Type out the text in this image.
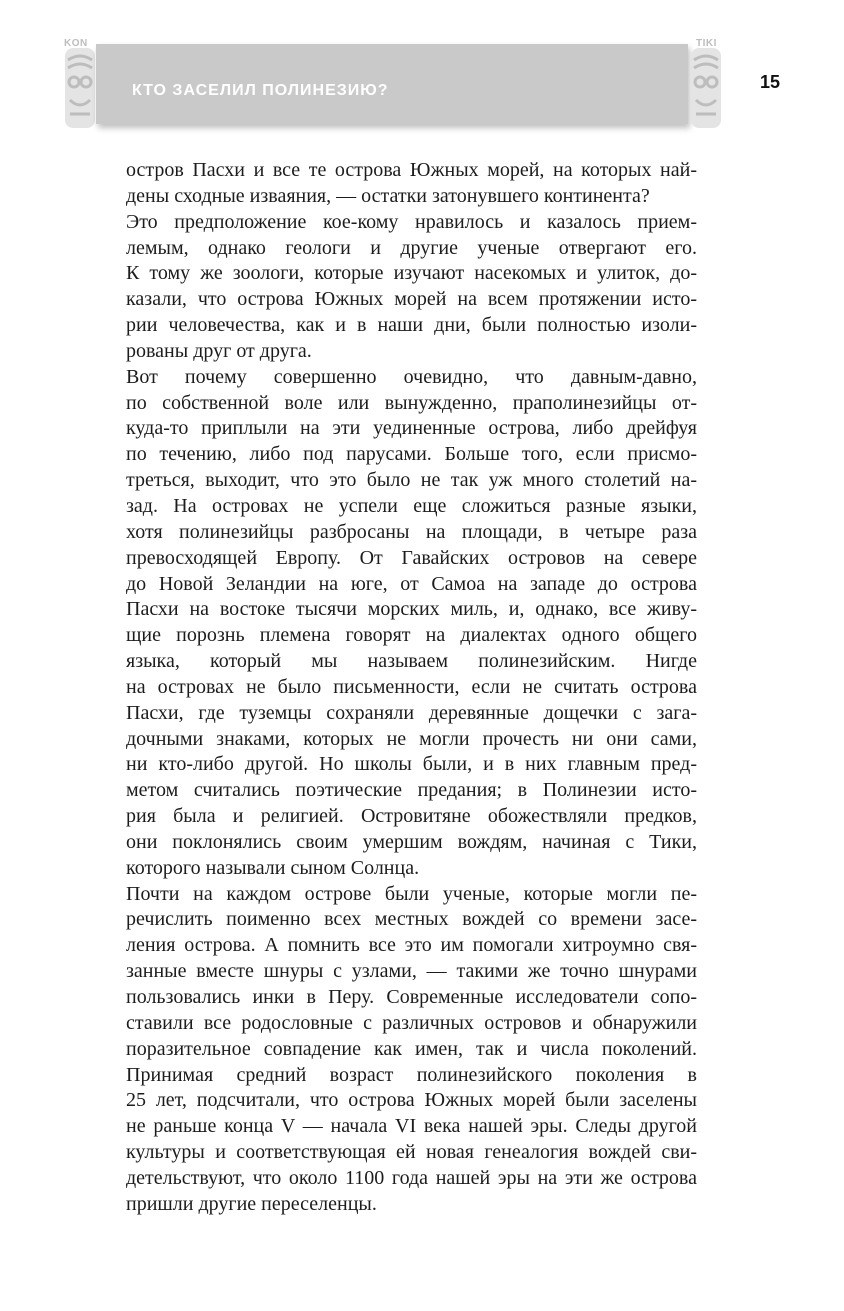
KON
КТО ЗАСЕЛИЛ ПОЛИНЕЗИЮ?
TIKI
15
остров Пасхи и все те острова Южных морей, на которых най-
дены сходные изваяния, — остатки затонувшего континента?
Это предположение кое-кому нравилось и казалось прием-
лемым, однако геологи и другие ученые отвергают его.
К тому же зоологи, которые изучают насекомых и улиток, до-
казали, что острова Южных морей на всем протяжении исто-
рии человечества, как и в наши дни, были полностью изоли-
рованы друг от друга.
Вот почему совершенно очевидно, что давным-давно,
по собственной воле или вынужденно, праполинезийцы от-
куда-то приплыли на эти уединенные острова, либо дрейфуя
по течению, либо под парусами. Больше того, если присмо-
треться, выходит, что это было не так уж много столетий на-
зад. На островах не успели еще сложиться разные языки,
хотя полинезийцы разбросаны на площади, в четыре раза
превосходящей Европу. От Гавайских островов на севере
до Новой Зеландии на юге, от Самоа на западе до острова
Пасхи на востоке тысячи морских миль, и, однако, все живу-
щие порознь племена говорят на диалектах одного общего
языка, который мы называем полинезийским. Нигде
на островах не было письменности, если не считать острова
Пасхи, где туземцы сохраняли деревянные дощечки с зага-
дочными знаками, которых не могли прочесть ни они сами,
ни кто-либо другой. Но школы были, и в них главным пред-
метом считались поэтические предания; в Полинезии исто-
рия была и религией. Островитяне обожествляли предков,
они поклонялись своим умершим вождям, начиная с Тики,
которого называли сыном Солнца.
Почти на каждом острове были ученые, которые могли пе-
речислить поименно всех местных вождей со времени засе-
ления острова. А помнить все это им помогали хитроумно свя-
занные вместе шнуры с узлами, — такими же точно шнурами
пользовались инки в Перу. Современные исследователи сопо-
ставили все родословные с различных островов и обнаружили
поразительное совпадение как имен, так и числа поколений.
Принимая средний возраст полинезийского поколения в
25 лет, подсчитали, что острова Южных морей были заселены
не раньше конца V — начала VI века нашей эры. Следы другой
культуры и соответствующая ей новая генеалогия вождей сви-
детельствуют, что около 1100 года нашей эры на эти же острова
пришли другие переселенцы.
